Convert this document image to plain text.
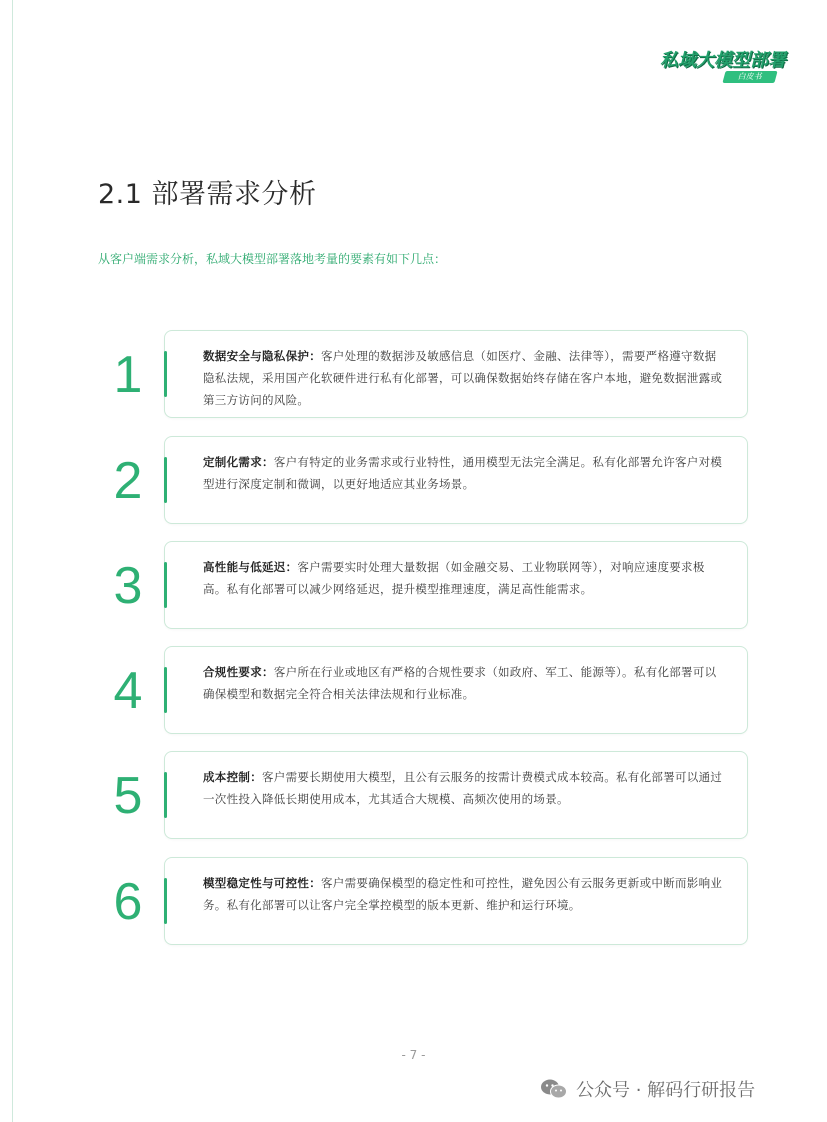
私域大模型部署
白皮书
2.1 部署需求分析
从客户端需求分析，私域大模型部署落地考量的要素有如下几点：
1	数据安全与隐私保护：客户处理的数据涉及敏感信息（如医疗、金融、法律等），需要严格遵守数据隐私法规，采用国产化软硬件进行私有化部署，可以确保数据始终存储在客户本地，避免数据泄露或第三方访问的风险。
2	定制化需求：客户有特定的业务需求或行业特性，通用模型无法完全满足。私有化部署允许客户对模型进行深度定制和微调，以更好地适应其业务场景。
3	高性能与低延迟：客户需要实时处理大量数据（如金融交易、工业物联网等），对响应速度要求极高。私有化部署可以减少网络延迟，提升模型推理速度，满足高性能需求。
4	合规性要求：客户所在行业或地区有严格的合规性要求（如政府、军工、能源等）。私有化部署可以确保模型和数据完全符合相关法律法规和行业标准。
5	成本控制：客户需要长期使用大模型，且公有云服务的按需计费模式成本较高。私有化部署可以通过一次性投入降低长期使用成本，尤其适合大规模、高频次使用的场景。
6	模型稳定性与可控性：客户需要确保模型的稳定性和可控性，避免因公有云服务更新或中断而影响业务。私有化部署可以让客户完全掌控模型的版本更新、维护和运行环境。
- 7 -
公众号 · 解码行研报告
